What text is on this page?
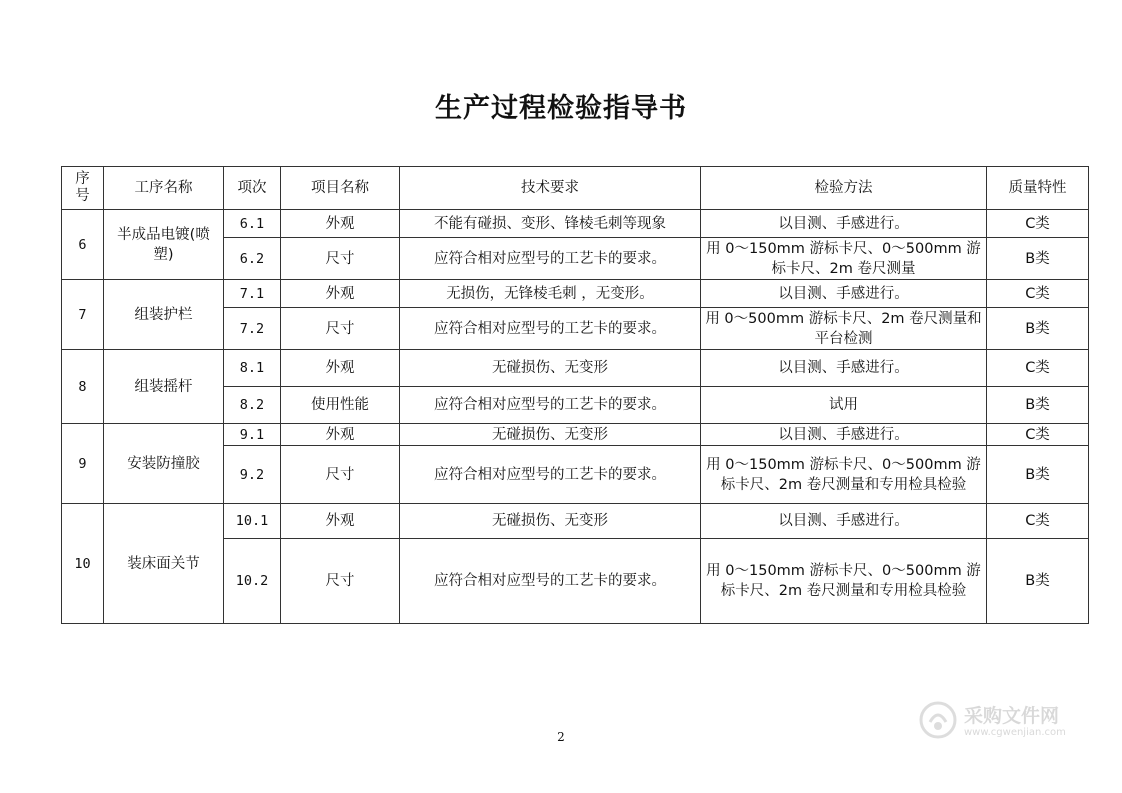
生产过程检验指导书
序号	工序名称	项次	项目名称	技术要求	检验方法	质量特性
6	半成品电镀(喷塑)	6.1	外观	不能有碰损、变形、锋棱毛刺等现象	以目测、手感进行。	C类
		6.2	尺寸	应符合相对应型号的工艺卡的要求。	用 0～150mm 游标卡尺、0～500mm 游标卡尺、2m 卷尺测量	B类
7	组装护栏	7.1	外观	无损伤，无锋棱毛刺 ，无变形。	以目测、手感进行。	C类
		7.2	尺寸	应符合相对应型号的工艺卡的要求。	用 0～500mm 游标卡尺、2m 卷尺测量和平台检测	B类
8	组装摇杆	8.1	外观	无碰损伤、无变形	以目测、手感进行。	C类
		8.2	使用性能	应符合相对应型号的工艺卡的要求。	试用	B类
9	安装防撞胶	9.1	外观	无碰损伤、无变形	以目测、手感进行。	C类
		9.2	尺寸	应符合相对应型号的工艺卡的要求。	用 0～150mm 游标卡尺、0～500mm 游标卡尺、2m 卷尺测量和专用检具检验	B类
10	装床面关节	10.1	外观	无碰损伤、无变形	以目测、手感进行。	C类
		10.2	尺寸	应符合相对应型号的工艺卡的要求。	用 0～150mm 游标卡尺、0～500mm 游标卡尺、2m 卷尺测量和专用检具检验	B类
2
采购文件网
www.cgwenjian.com
